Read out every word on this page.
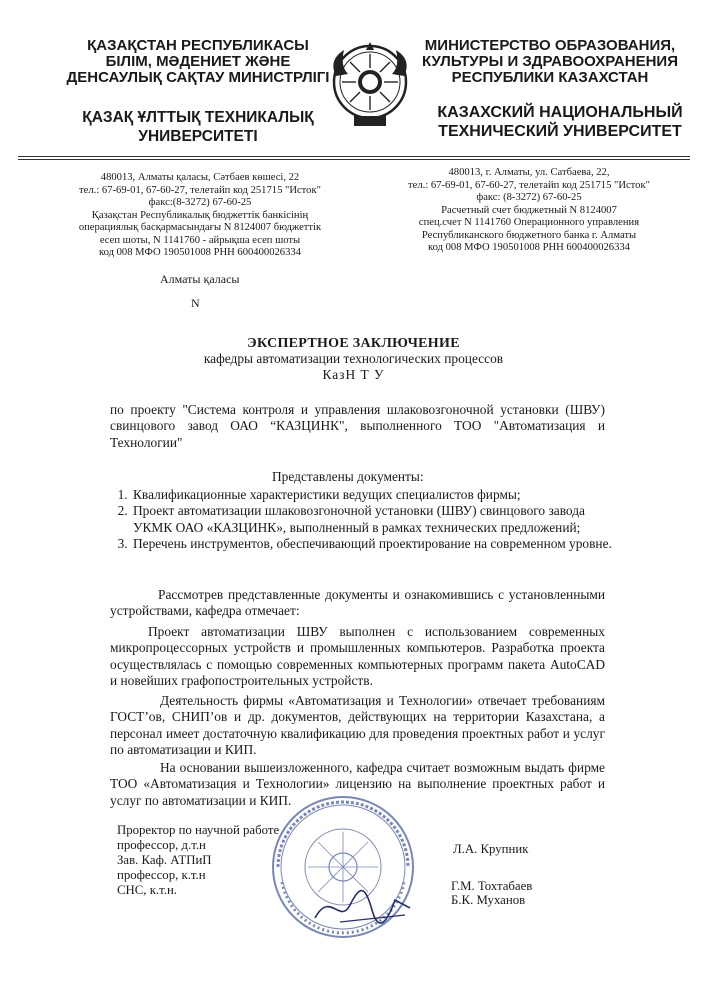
ҚАЗАҚСТАН РЕСПУБЛИКАСЫ
БІЛІМ, МӘДЕНИЕТ ЖӘНЕ
ДЕНСАУЛЫҚ САҚТАУ МИНИСТРЛІГІ
ҚАЗАҚ ҰЛТТЫҚ ТЕХНИКАЛЫҚ
УНИВЕРСИТЕТІ
МИНИСТЕРСТВО ОБРАЗОВАНИЯ,
КУЛЬТУРЫ И ЗДРАВООХРАНЕНИЯ
РЕСПУБЛИКИ КАЗАХСТАН
КАЗАХСКИЙ НАЦИОНАЛЬНЫЙ
ТЕХНИЧЕСКИЙ УНИВЕРСИТЕТ
480013, Алматы қаласы, Сәтбаев көшесі, 22
тел.: 67-69-01, 67-60-27, телетайп код 251715 "Исток"
факс:(8-3272) 67-60-25
Қазақстан Республикалық бюджеттік банкісінің
операциялық басқармасындағы N 8124007 бюджеттік
есеп шоты, N 1141760 - айрықша есеп шоты
код 008 МФО 190501008 РНН 600400026334
480013, г. Алматы, ул. Сатбаева, 22,
тел.: 67-69-01, 67-60-27, телетайп код 251715 "Исток"
факс: (8-3272) 67-60-25
Расчетный счет бюджетный N 8124007
спец.счет N 1141760 Операционного управления
Республиканского бюджетного банка г. Алматы
код 008 МФО 190501008 РНН 600400026334
Алматы қаласы
N
ЭКСПЕРТНОЕ ЗАКЛЮЧЕНИЕ
кафедры автоматизации технологических процессов
КазН Т У
по проекту "Система контроля и управления шлаковозгоночной установки (ШВУ) свинцового завод ОАО “КАЗЦИНК", выполненного ТОО "Автоматизация и Технологии"
Представлены документы:
1. Квалификационные характеристики ведущих специалистов фирмы;
2. Проект автоматизации шлаковозгоночной установки (ШВУ) свинцового завода УКМК ОАО «КАЗЦИНК», выполненный в рамках технических предложений;
3. Перечень инструментов, обеспечивающий проектирование на современном уровне.
Рассмотрев представленные документы и ознакомившись с установленными устройствами, кафедра отмечает:
Проект автоматизации ШВУ выполнен с использованием современных микропроцессорных устройств и промышленных компьютеров. Разработка проекта осуществлялась с помощью современных компьютерных программ пакета AutoCAD и новейших графопостроительных устройств.
Деятельность фирмы «Автоматизация и Технологии» отвечает требованиям ГОСТ’ов, СНИП’ов и др. документов, действующих на территории Казахстана, а персонал имеет достаточную квалификацию для проведения проектных работ и услуг по автоматизации и КИП.
На основании вышеизложенного, кафедра считает возможным выдать фирме ТОО «Автоматизация и Технологии» лицензию на выполнение проектных работ и услуг по автоматизации и КИП.
Проректор по научной работе
профессор, д.т.н
Зав. Каф. АТПиП
профессор, к.т.н
СНС, к.т.н.
Л.А. Крупник
Г.М. Тохтабаев
Б.К. Муханов
